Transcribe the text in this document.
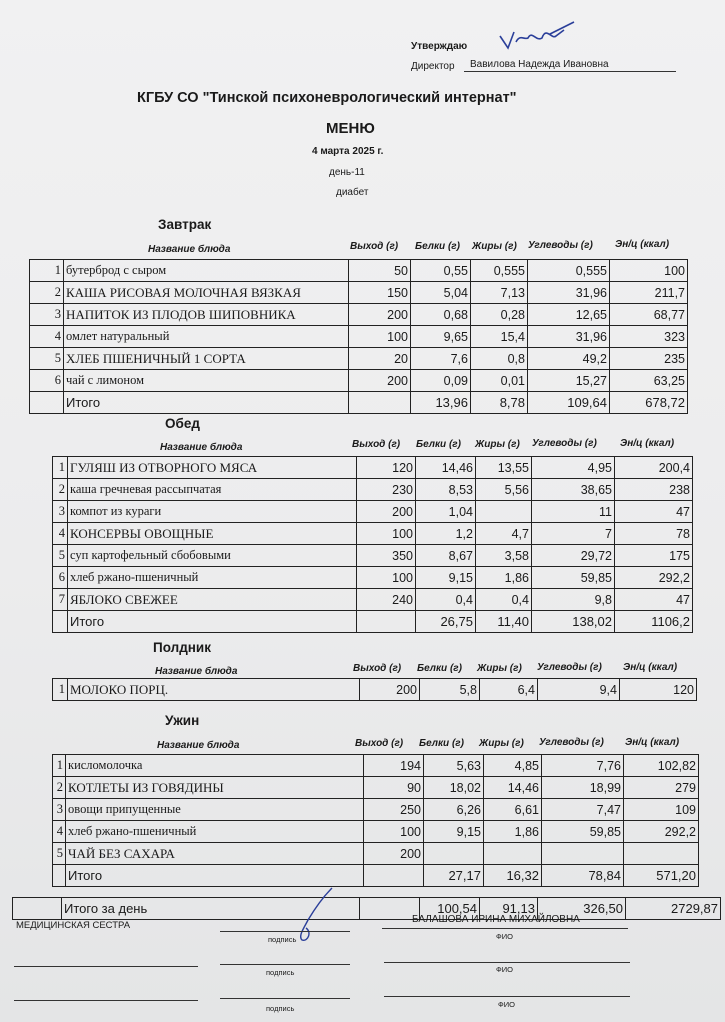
Утверждаю
Директор Вавилова Надежда Ивановна
КГБУ СО "Тинской психоневрологический интернат"
МЕНЮ
4 марта 2025 г.
день-11
диабет
Завтрак
Название блюда	Выход (г) Белки (г) Жиры (г) Углеводы (г) Эн/ц (ккал)
1	бутерброд с сыром	50	0,55	0,555	0,555	100
2	КАША РИСОВАЯ МОЛОЧНАЯ ВЯЗКАЯ	150	5,04	7,13	31,96	211,7
3	НАПИТОК ИЗ ПЛОДОВ ШИПОВНИКА	200	0,68	0,28	12,65	68,77
4	омлет натуральный	100	9,65	15,4	31,96	323
5	ХЛЕБ ПШЕНИЧНЫЙ 1 СОРТА	20	7,6	0,8	49,2	235
6	чай с лимоном	200	0,09	0,01	15,27	63,25
	Итого		13,96	8,78	109,64	678,72
Обед
Название блюда	Выход (г) Белки (г) Жиры (г) Углеводы (г) Эн/ц (ккал)
1	ГУЛЯШ ИЗ ОТВОРНОГО МЯСА	120	14,46	13,55	4,95	200,4
2	каша гречневая рассыпчатая	230	8,53	5,56	38,65	238
3	компот из кураги	200	1,04		11	47
4	КОНСЕРВЫ ОВОЩНЫЕ	100	1,2	4,7	7	78
5	суп картофельный сбобовыми	350	8,67	3,58	29,72	175
6	хлеб ржано-пшеничный	100	9,15	1,86	59,85	292,2
7	ЯБЛОКО СВЕЖЕЕ	240	0,4	0,4	9,8	47
	Итого		26,75	11,40	138,02	1106,2
Полдник
Название блюда	Выход (г) Белки (г) Жиры (г) Углеводы (г) Эн/ц (ккал)
1	МОЛОКО ПОРЦ.	200	5,8	6,4	9,4	120
Ужин
Название блюда	Выход (г) Белки (г) Жиры (г) Углеводы (г) Эн/ц (ккал)
1	кисломолочка	194	5,63	4,85	7,76	102,82
2	КОТЛЕТЫ ИЗ ГОВЯДИНЫ	90	18,02	14,46	18,99	279
3	овощи припущенные	250	6,26	6,61	7,47	109
4	хлеб ржано-пшеничный	100	9,15	1,86	59,85	292,2
5	ЧАЙ БЕЗ САХАРА	200				
	Итого		27,17	16,32	78,84	571,20
	Итого за день		100,54	91,13	326,50	2729,87
МЕДИЦИНСКАЯ СЕСТРА
БАЛАШОВА ИРИНА МИХАЙЛОВНА
подпись	ФИО
подпись	ФИО
подпись	ФИО
